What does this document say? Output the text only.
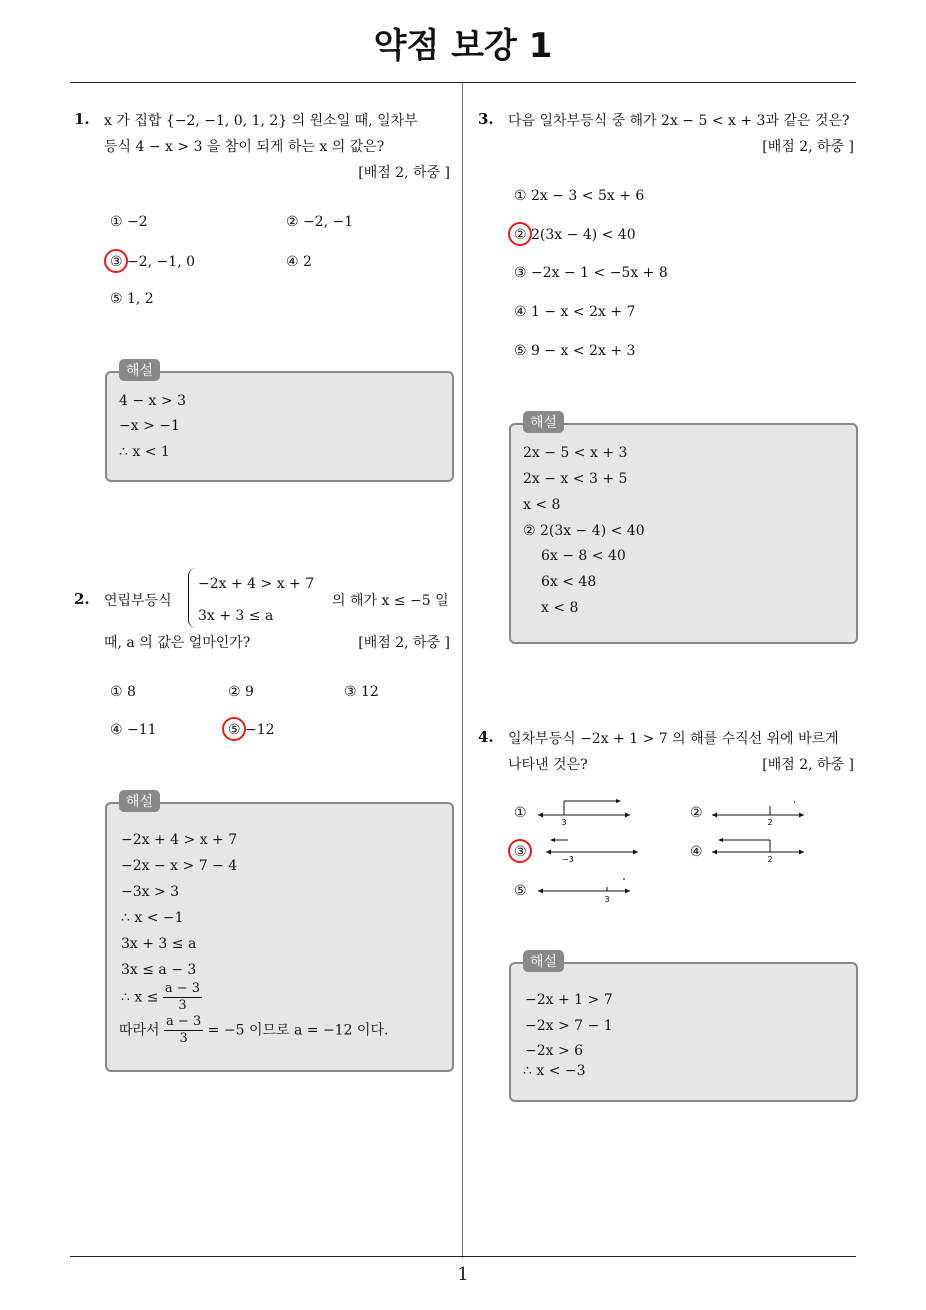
약점 보강 1
1. x 가 집합 {−2, −1, 0, 1, 2} 의 원소일 때, 일차부
등식 4 − x > 3 을 참이 되게 하는 x 의 값은?
[배점 2, 하중 ]
① −2	② −2, −1
③ −2, −1, 0	④ 2
⑤ 1, 2
4 − x > 3
−x > −1
∴ x < 1
해설
2. 연립부등식
−2x + 4 > x + 7
3x + 3 ≤ a
의 해가 x ≤ −5 일
때, a 의 값은 얼마인가?	[배점 2, 하중 ]
① 8	② 9	③ 12
④ −11	⑤ −12
−2x + 4 > x + 7
−2x − x > 7 − 4
−3x > 3
∴ x < −1
3x + 3 ≤ a
3x ≤ a − 3
∴ $x \le \frac{a - 3}{3}$
따라서 $\frac{a - 3}{3} = -5$ 이므로 a = −12 이다.
해설
3. 다음 일차부등식 중 해가 2x − 5 < x + 3과 같은 것은?
[배점 2, 하중 ]
① 2x − 3 < 5x + 6
② 2(3x − 4) < 40
③ −2x − 1 < −5x + 8
④ 1 − x < 2x + 7
⑤ 9 − x < 2x + 3
2x − 5 < x + 3
2x − x < 3 + 5
x < 8
② 2(3x − 4) < 40
6x − 8 < 40
6x < 48
x < 8
해설
4. 일차부등식 −2x + 1 > 7 의 해를 수직선 위에 바르게
나타낸 것은?	[배점 2, 하중 ]
①	②
③	④
⑤
3
›
2
−3	2
3
−2x + 1 > 7
−2x > 7 − 1
−2x > 6
∴ x < −3
해설
1
